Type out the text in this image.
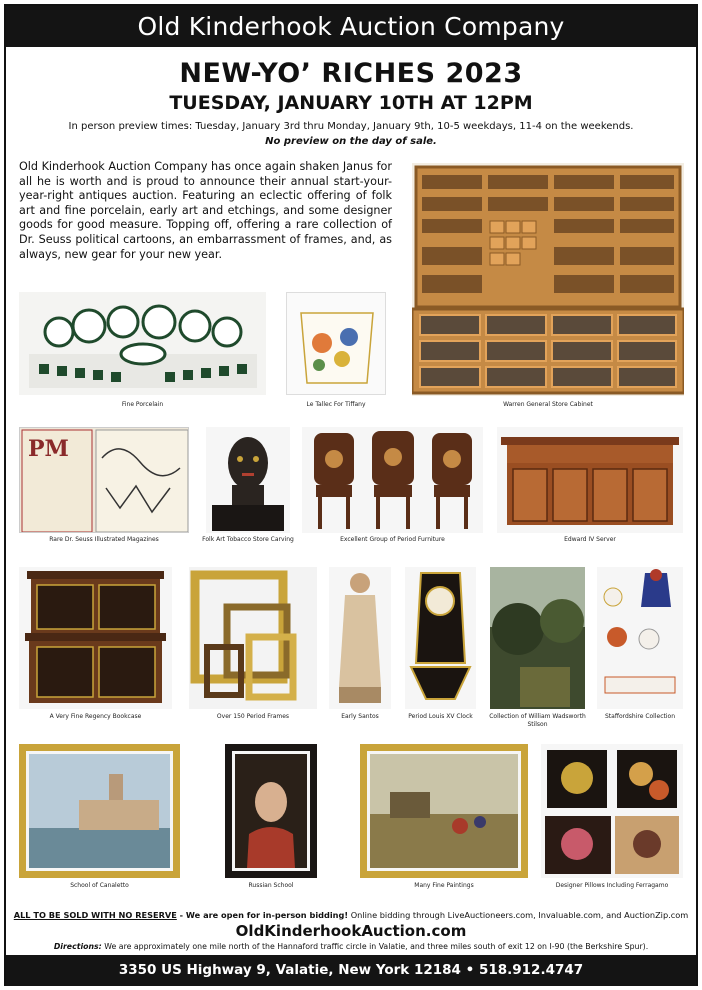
Old Kinderhook Auction Company
NEW-YO’ RICHES 2023
TUESDAY, JANUARY 10TH AT 12PM
In person preview times: Tuesday, January 3rd thru Monday, January 9th, 10-5 weekdays, 11-4 on the weekends.
No preview on the day of sale.
Old Kinderhook Auction Company has once again shaken Janus for all he is worth and is proud to announce their annual start-your-year-right antiques auction. Featuring an eclectic offering of folk art and fine porcelain, early art and etchings, and some designer goods for good measure. Topping off, offering a rare collection of Dr. Seuss political cartoons, an embarrassment of frames, and, as always, new gear for your new year.
Fine Porcelain	Le Tallec For Tiffany	Warren General Store Cabinet
PM
Rare Dr. Seuss Illustrated Magazines	Folk Art Tobacco Store Carving	Excellent Group of Period Furniture	Edward IV Server
A Very Fine Regency Bookcase	Over 150 Period Frames	Early Santos	Period Louis XV Clock	Collection of William Wadsworth Stilson
Staffordshire Collection
School of Canaletto	Russian School	Many Fine Paintings	Designer Pillows Including Ferragamo
ALL TO BE SOLD WITH NO RESERVE - We are open for in-person bidding! Online bidding through LiveAuctioneers.com, Invaluable.com, and AuctionZip.com
OldKinderhookAuction.com
Directions: We are approximately one mile north of the Hannaford traffic circle in Valatie, and three miles south of exit 12 on I-90 (the Berkshire Spur).
3350 US Highway 9, Valatie, New York 12184 • 518.912.4747
